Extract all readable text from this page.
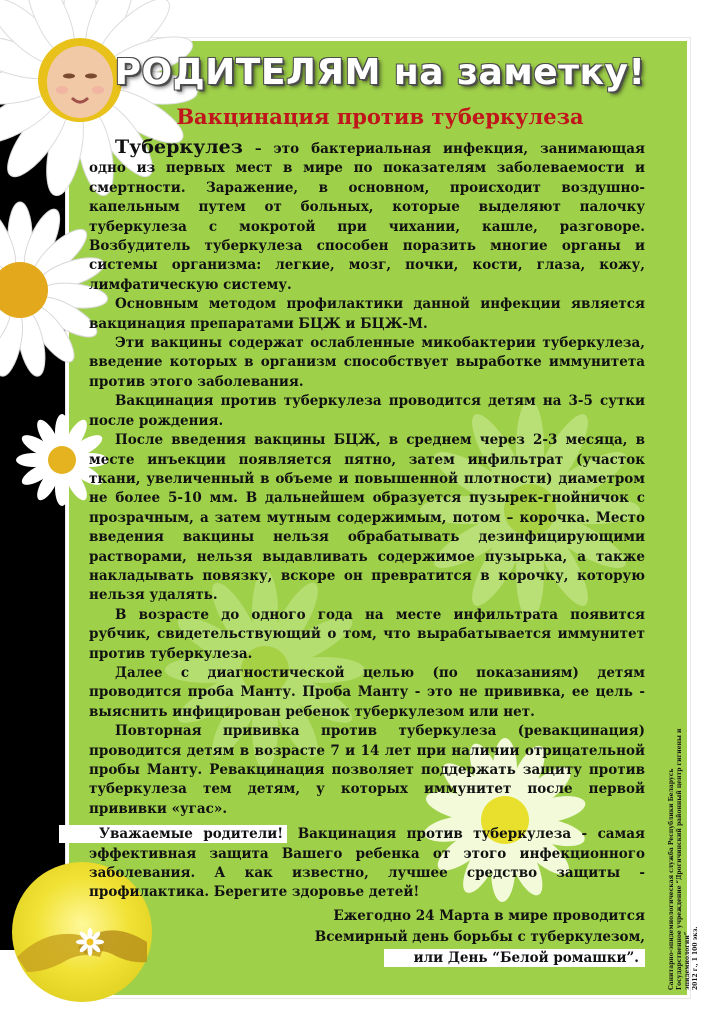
РОДИТЕЛЯМ на заметку!
Вакцинация против туберкулеза

Туберкулез – это бактериальная инфекция, занимающая одно из первых мест в мире по показателям заболеваемости и смертности. Заражение, в основном, происходит воздушно-капельным путем от больных, которые выделяют палочку туберкулеза с мокротой при чихании, кашле, разговоре. Возбудитель туберкулеза способен поразить многие органы и системы организма: легкие, мозг, почки, кости, глаза, кожу, лимфатическую систему.

Основным методом профилактики данной инфекции является вакцинация препаратами БЦЖ и БЦЖ-М.

Эти вакцины содержат ослабленные микобактерии туберкулеза, введение которых в организм способствует выработке иммунитета против этого заболевания.

Вакцинация против туберкулеза проводится детям на 3-5 сутки после рождения.

После введения вакцины БЦЖ, в среднем через 2-3 месяца, в месте инъекции появляется пятно, затем инфильтрат (участок ткани, увеличенный в объеме и повышенной плотности) диаметром не более 5-10 мм. В дальнейшем образуется пузырек-гнойничок с прозрачным, а затем мутным содержимым, потом – корочка. Место введения вакцины нельзя обрабатывать дезинфицирующими растворами, нельзя выдавливать содержимое пузырька, а также накладывать повязку, вскоре он превратится в корочку, которую нельзя удалять.

В возрасте до одного года на месте инфильтрата появится рубчик, свидетельствующий о том, что вырабатывается иммунитет против туберкулеза.

Далее с диагностической целью (по показаниям) детям проводится проба Манту. Проба Манту - это не прививка, ее цель - выяснить инфицирован ребенок туберкулезом или нет.

Повторная прививка против туберкулеза (ревакцинация) проводится детям в возрасте 7 и 14 лет при наличии отрицательной пробы Манту. Ревакцинация позволяет поддержать защиту против туберкулеза тем детям, у которых иммунитет после первой прививки «угас».

Уважаемые родители! Вакцинация против туберкулеза - самая эффективная защита Вашего ребенка от этого инфекционного заболевания. А как известно, лучшее средство защиты - профилактика. Берегите здоровье детей!

Ежегодно 24 Марта в мире проводится
Всемирный день борьбы с туберкулезом,
или День “Белой ромашки”.	Санитарно-эпидемиологическая служба Республики Беларусь Государственное учреждение “Дрогичинский районный центр гигиены и эпидемиологии” 2012 г., 1 100 экз.
